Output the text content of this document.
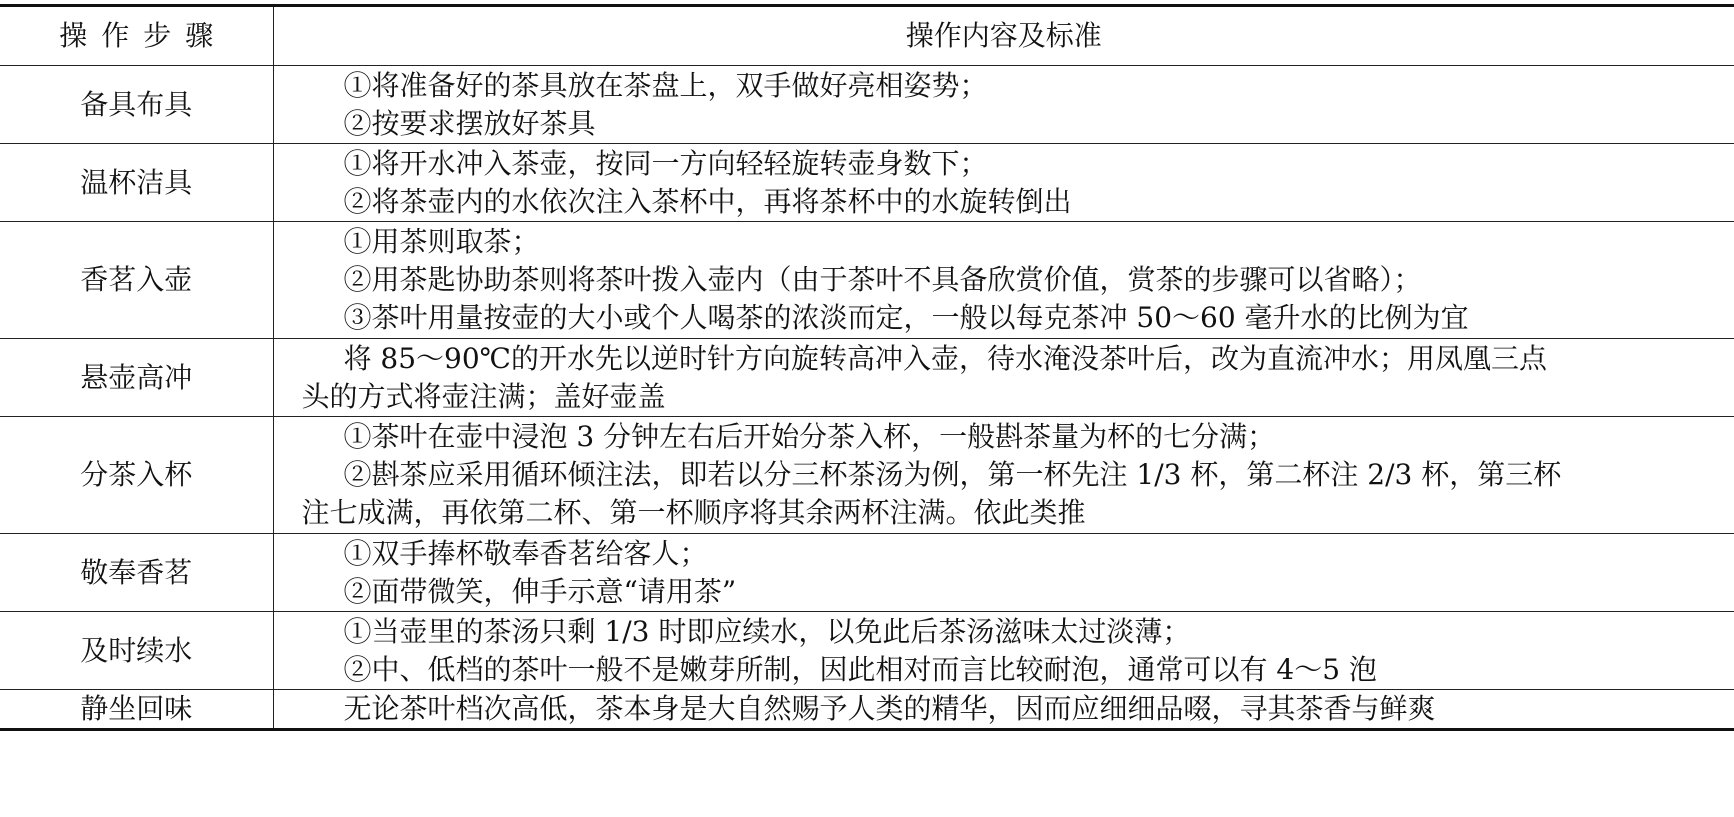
操作步骤	操作内容及标准
备具布具	①将准备好的茶具放在茶盘上，双手做好亮相姿势；
②按要求摆放好茶具

温杯洁具	①将开水冲入茶壶，按同一方向轻轻旋转壶身数下；
②将茶壶内的水依次注入茶杯中，再将茶杯中的水旋转倒出

香茗入壶	①用茶则取茶；
②用茶匙协助茶则将茶叶拨入壶内（由于茶叶不具备欣赏价值，赏茶的步骤可以省略）；
③茶叶用量按壶的大小或个人喝茶的浓淡而定，一般以每克茶冲 50～60 毫升水的比例为宜

悬壶高冲	将 85～90℃的开水先以逆时针方向旋转高冲入壶，待水淹没茶叶后，改为直流冲水；用凤凰三点
头的方式将壶注满；盖好壶盖

分茶入杯	①茶叶在壶中浸泡 3 分钟左右后开始分茶入杯，一般斟茶量为杯的七分满；
②斟茶应采用循环倾注法，即若以分三杯茶汤为例，第一杯先注 1/3 杯，第二杯注 2/3 杯，第三杯
注七成满，再依第二杯、第一杯顺序将其余两杯注满。依此类推

敬奉香茗	①双手捧杯敬奉香茗给客人；
②面带微笑，伸手示意“请用茶”

及时续水	①当壶里的茶汤只剩 1/3 时即应续水，以免此后茶汤滋味太过淡薄；
②中、低档的茶叶一般不是嫩芽所制，因此相对而言比较耐泡，通常可以有 4～5 泡

静坐回味	无论茶叶档次高低，茶本身是大自然赐予人类的精华，因而应细细品啜，寻其茶香与鲜爽
